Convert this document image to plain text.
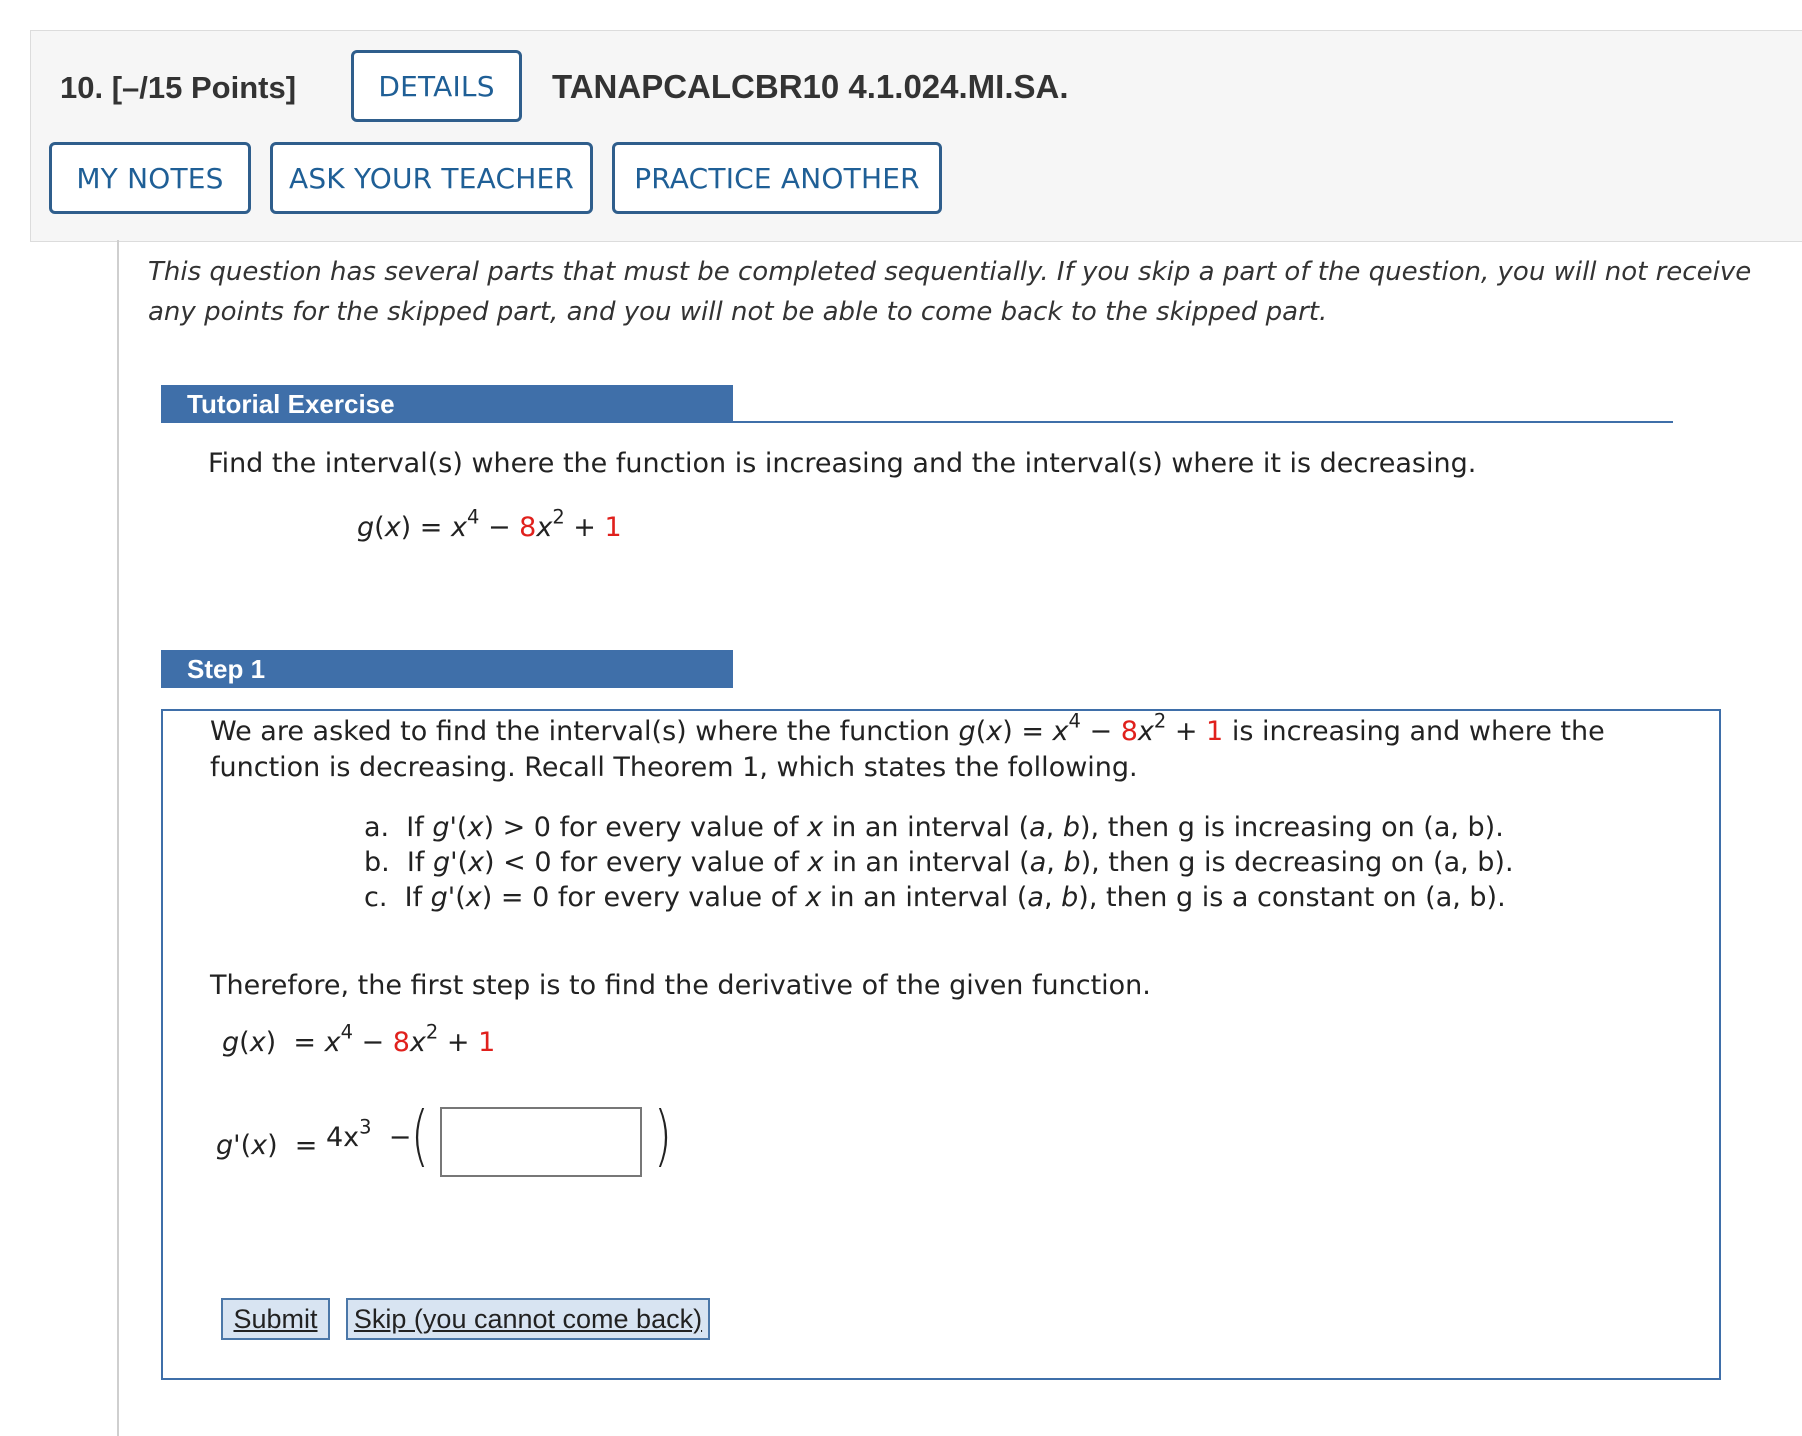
10. [–/15 Points]	DETAILS	TANAPCALCBR10 4.1.024.MI.SA.
MY NOTES	ASK YOUR TEACHER	PRACTICE ANOTHER
This question has several parts that must be completed sequentially. If you skip a part of the question, you will not receive any points for the skipped part, and you will not be able to come back to the skipped part.
Tutorial Exercise
Find the interval(s) where the function is increasing and the interval(s) where it is decreasing.
$g(x) = x^4 - 8x^2 + 1$
Step 1
We are asked to find the interval(s) where the function $g(x) = x^4 - 8x^2 + 1$ is increasing and where the function is decreasing. Recall Theorem 1, which states the following.
a.  If g'(x) > 0 for every value of x in an interval (a, b), then g is increasing on (a, b).
b.  If g'(x) < 0 for every value of x in an interval (a, b), then g is decreasing on (a, b).
c.  If g'(x) = 0 for every value of x in an interval (a, b), then g is a constant on (a, b).
Therefore, the first step is to find the derivative of the given function.
$g(x) = x^4 - 8x^2 + 1$
$g'(x) = 4x^3$  − (	)
Submit	Skip (you cannot come back)
